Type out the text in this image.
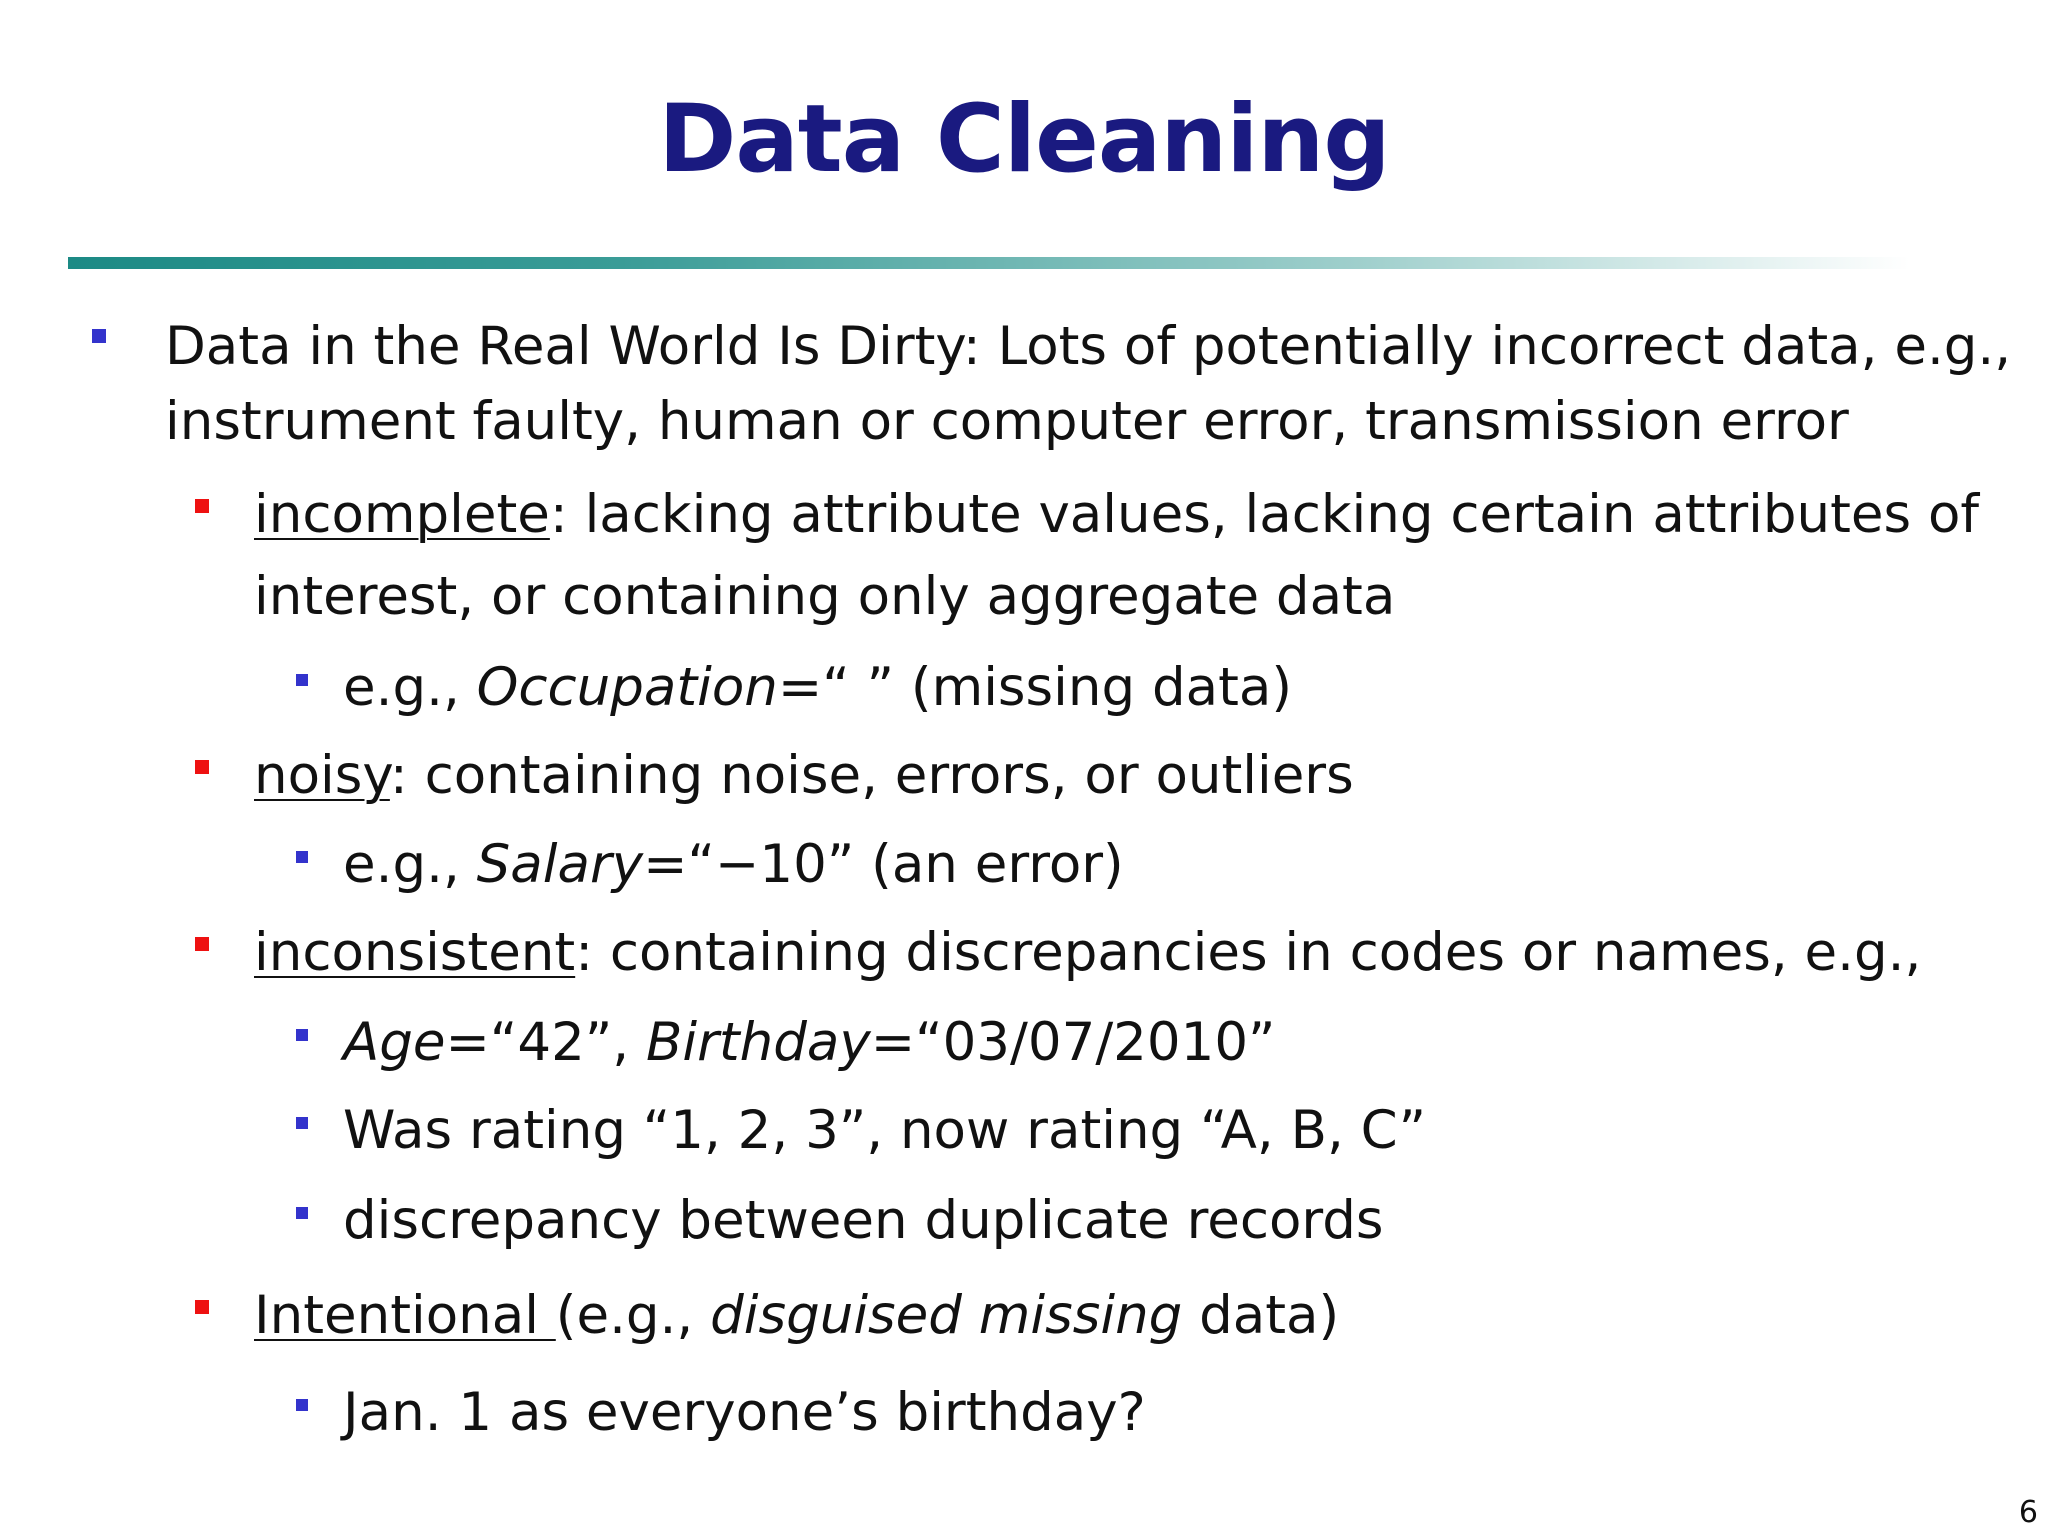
Data Cleaning
Data in the Real World Is Dirty: Lots of potentially incorrect data, e.g.,
instrument faulty, human or computer error, transmission error
incomplete: lacking attribute values, lacking certain attributes of
interest, or containing only aggregate data
e.g., Occupation=“ ” (missing data)
noisy: containing noise, errors, or outliers
e.g., Salary=“−10” (an error)
inconsistent: containing discrepancies in codes or names, e.g.,
Age=“42”, Birthday=“03/07/2010”
Was rating “1, 2, 3”, now rating “A, B, C”
discrepancy between duplicate records
Intentional (e.g., disguised missing data)
Jan. 1 as everyone’s birthday?
6
